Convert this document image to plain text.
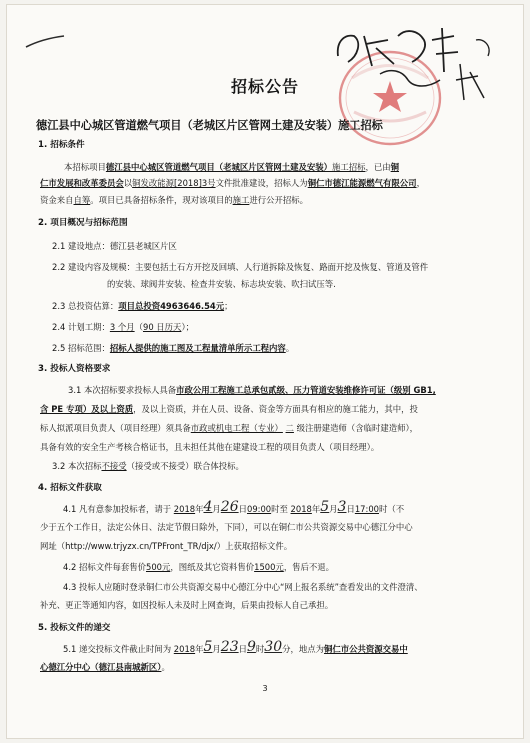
招标公告
德江县中心城区管道燃气项目（老城区片区管网土建及安装）施工招标
1. 招标条件
本招标项目德江县中心城区管道燃气项目（老城区片区管网土建及安装）施工招标，已由铜
仁市发展和改革委员会以铜发改能源[2018]3号文件批准建设，招标人为铜仁市德江能源燃气有限公司，
资金来自自筹。项目已具备招标条件，现对该项目的施工进行公开招标。
2. 项目概况与招标范围
2.1 建设地点：德江县老城区片区
2.2 建设内容及规模：主要包括土石方开挖及回填、人行道拆除及恢复、路面开挖及恢复、管道及管件
的安装、球阀井安装、检查井安装、标志块安装、吹扫试压等.
2.3 总投资估算：项目总投资4963646.54元；
2.4 计划工期：3 个月（90 日历天）；
2.5 招标范围：招标人提供的施工图及工程量清单所示工程内容。
3. 投标人资格要求
3.1 本次招标要求投标人具备市政公用工程施工总承包贰级、压力管道安装维修许可证（级别 GB1,
含 PE 专项）及以上资质，及以上资质，并在人员、设备、资金等方面具有相应的施工能力，其中，投
标人拟派项目负责人（项目经理）须具备市政或机电工程（专业） 二 级注册建造师（含临时建造师），
具备有效的安全生产考核合格证书，且未担任其他在建建设工程的项目负责人（项目经理）。
3.2 本次招标不接受（接受或不接受）联合体投标。
4. 招标文件获取
4.1 凡有意参加投标者，请于 2018年4月26日09:00时至 2018年5月3日17:00时（不
少于五个工作日，法定公休日、法定节假日除外，下同），可以在铜仁市公共资源交易中心德江分中心
网址（http://www.trjyzx.cn/TPFront_TR/djx/）上获取招标文件。
4.2 招标文件每套售价500元，图纸及其它资料售价1500元，售后不退。
4.3 投标人应随时登录铜仁市公共资源交易中心德江分中心“网上报名系统”查看发出的文件澄清、
补充、更正等通知内容，如因投标人未及时上网查询，后果由投标人自己承担。
5. 投标文件的递交
5.1 递交投标文件截止时间为 2018年5月23日9时30分，地点为铜仁市公共资源交易中
心德江分中心（德江县南城新区）。
3
